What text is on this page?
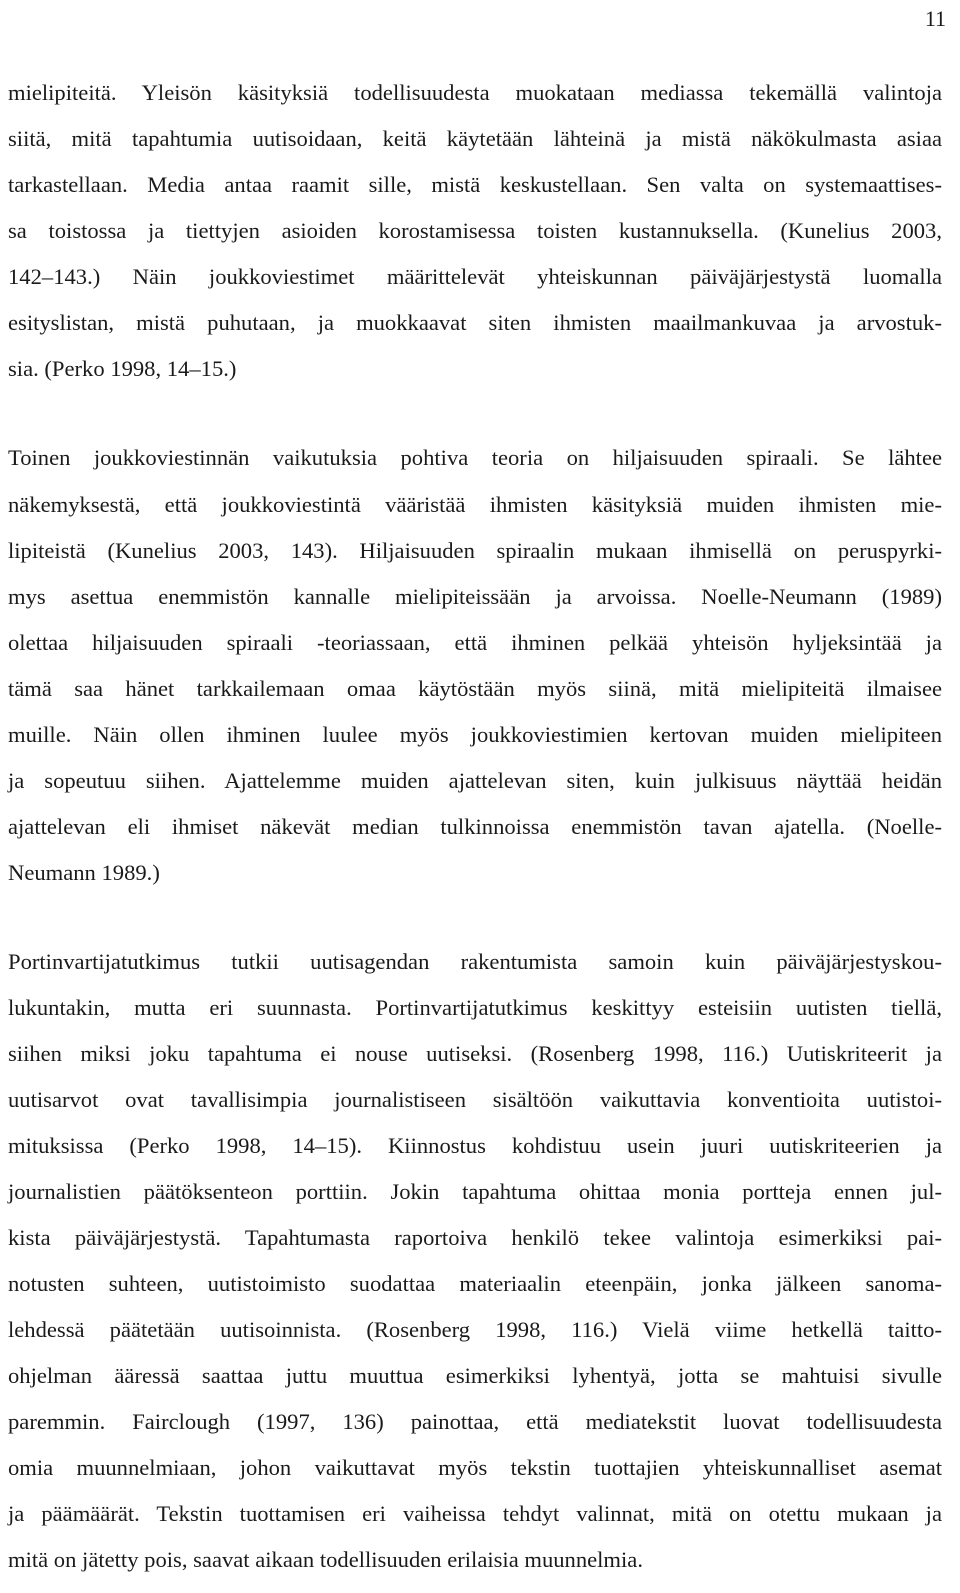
11
mielipiteitä. Yleisön käsityksiä todellisuudesta muokataan mediassa tekemällä valintoja
siitä, mitä tapahtumia uutisoidaan, keitä käytetään lähteinä ja mistä näkökulmasta asiaa
tarkastellaan. Media antaa raamit sille, mistä keskustellaan. Sen valta on systemaattises-
sa toistossa ja tiettyjen asioiden korostamisessa toisten kustannuksella. (Kunelius 2003,
142–143.) Näin joukkoviestimet määrittelevät yhteiskunnan päiväjärjestystä luomalla
esityslistan, mistä puhutaan, ja muokkaavat siten ihmisten maailmankuvaa ja arvostuk-
sia. (Perko 1998, 14–15.)
Toinen joukkoviestinnän vaikutuksia pohtiva teoria on hiljaisuuden spiraali. Se lähtee
näkemyksestä, että joukkoviestintä vääristää ihmisten käsityksiä muiden ihmisten mie-
lipiteistä (Kunelius 2003, 143). Hiljaisuuden spiraalin mukaan ihmisellä on peruspyrki-
mys asettua enemmistön kannalle mielipiteissään ja arvoissa. Noelle-Neumann (1989)
olettaa hiljaisuuden spiraali -teoriassaan, että ihminen pelkää yhteisön hyljeksintää ja
tämä saa hänet tarkkailemaan omaa käytöstään myös siinä, mitä mielipiteitä ilmaisee
muille. Näin ollen ihminen luulee myös joukkoviestimien kertovan muiden mielipiteen
ja sopeutuu siihen. Ajattelemme muiden ajattelevan siten, kuin julkisuus näyttää heidän
ajattelevan eli ihmiset näkevät median tulkinnoissa enemmistön tavan ajatella. (Noelle-
Neumann 1989.)
Portinvartijatutkimus tutkii uutisagendan rakentumista samoin kuin päiväjärjestyskou-
lukuntakin, mutta eri suunnasta. Portinvartijatutkimus keskittyy esteisiin uutisten tiellä,
siihen miksi joku tapahtuma ei nouse uutiseksi. (Rosenberg 1998, 116.) Uutiskriteerit ja
uutisarvot ovat tavallisimpia journalistiseen sisältöön vaikuttavia konventioita uutistoi-
mituksissa (Perko 1998, 14–15). Kiinnostus kohdistuu usein juuri uutiskriteerien ja
journalistien päätöksenteon porttiin. Jokin tapahtuma ohittaa monia portteja ennen jul-
kista päiväjärjestystä. Tapahtumasta raportoiva henkilö tekee valintoja esimerkiksi pai-
notusten suhteen, uutistoimisto suodattaa materiaalin eteenpäin, jonka jälkeen sanoma-
lehdessä päätetään uutisoinnista. (Rosenberg 1998, 116.) Vielä viime hetkellä taitto-
ohjelman ääressä saattaa juttu muuttua esimerkiksi lyhentyä, jotta se mahtuisi sivulle
paremmin. Fairclough (1997, 136) painottaa, että mediatekstit luovat todellisuudesta
omia muunnelmiaan, johon vaikuttavat myös tekstin tuottajien yhteiskunnalliset asemat
ja päämäärät. Tekstin tuottamisen eri vaiheissa tehdyt valinnat, mitä on otettu mukaan ja
mitä on jätetty pois, saavat aikaan todellisuuden erilaisia muunnelmia.
